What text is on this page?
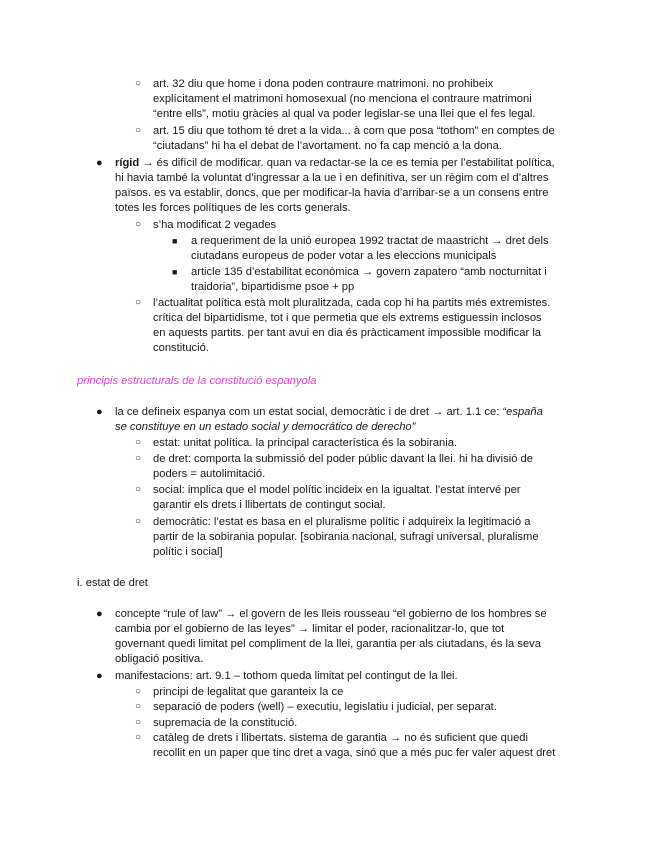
○ art. 32 diu que home i dona poden contraure matrimoni. no prohibeix
explícitament el matrimoni homosexual (no menciona el contraure matrimoni
“entre ells”, motiu gràcies al qual va poder legislar-se una llei que el fes legal.
○ art. 15 diu que tothom té dret a la vida... à com que posa “tothom” en comptes de
“ciutadans” hi ha el debat de l’avortament. no fa cap menció a la dona.
● rígid → és difícil de modificar. quan va redactar-se la ce es temia per l’estabilitat política,
hi havia també la voluntat d’ingressar a la ue i en definitiva, ser un règim com el d’altres
països. es va establir, doncs, que per modificar-la havia d’arribar-se a un consens entre
totes les forces polítiques de les corts generals.
○ s’ha modificat 2 vegades
■ a requeriment de la unió europea 1992 tractat de maastricht → dret dels
ciutadans europeus de poder votar a les eleccions municipals
■ article 135 d’estabilitat econòmica → govern zapatero “amb nocturnitat i
traidoria”, bipartidisme psoe + pp
○ l’actualitat política està molt pluralitzada, cada cop hi ha partits més extremistes.
crítica del bipartidisme, tot i que permetia que els extrems estiguessin inclosos
en aquests partits. per tant avui en dia és pràcticament impossible modificar la
constitució.
principis estructurals de la constitució espanyola
● la ce defineix espanya com un estat social, democràtic i de dret → art. 1.1 ce: “españa
se constituye en un estado social y democrático de derecho”
○ estat: unitat política. la principal característica és la sobirania.
○ de dret: comporta la submissió del poder públic davant la llei. hi ha divisió de
poders = autolimitació.
○ social: implica que el model polític incideix en la igualtat. l’estat intervé per
garantir els drets i llibertats de contingut social.
○ democràtic: l’estat es basa en el pluralisme polític i adquireix la legitimació a
partir de la sobirania popular. [sobirania nacional, sufragi universal, pluralisme
polític i social]
i. estat de dret
● concepte “rule of law” → el govern de les lleis rousseau “el gobierno de los hombres se
cambia por el gobierno de las leyes” → limitar el poder, racionalitzar-lo, que tot
governant quedi limitat pel compliment de la llei, garantia per als ciutadans, és la seva
obligació positiva.
● manifestacions: art. 9.1 – tothom queda limitat pel contingut de la llei.
○ principi de legalitat que garanteix la ce
○ separació de poders (well) – executiu, legislatiu i judicial, per separat.
○ supremacia de la constitució.
○ catàleg de drets i llibertats. sistema de garantia → no és suficient que quedi
recollit en un paper que tinc dret a vaga, sinó que a més puc fer valer aquest dret
